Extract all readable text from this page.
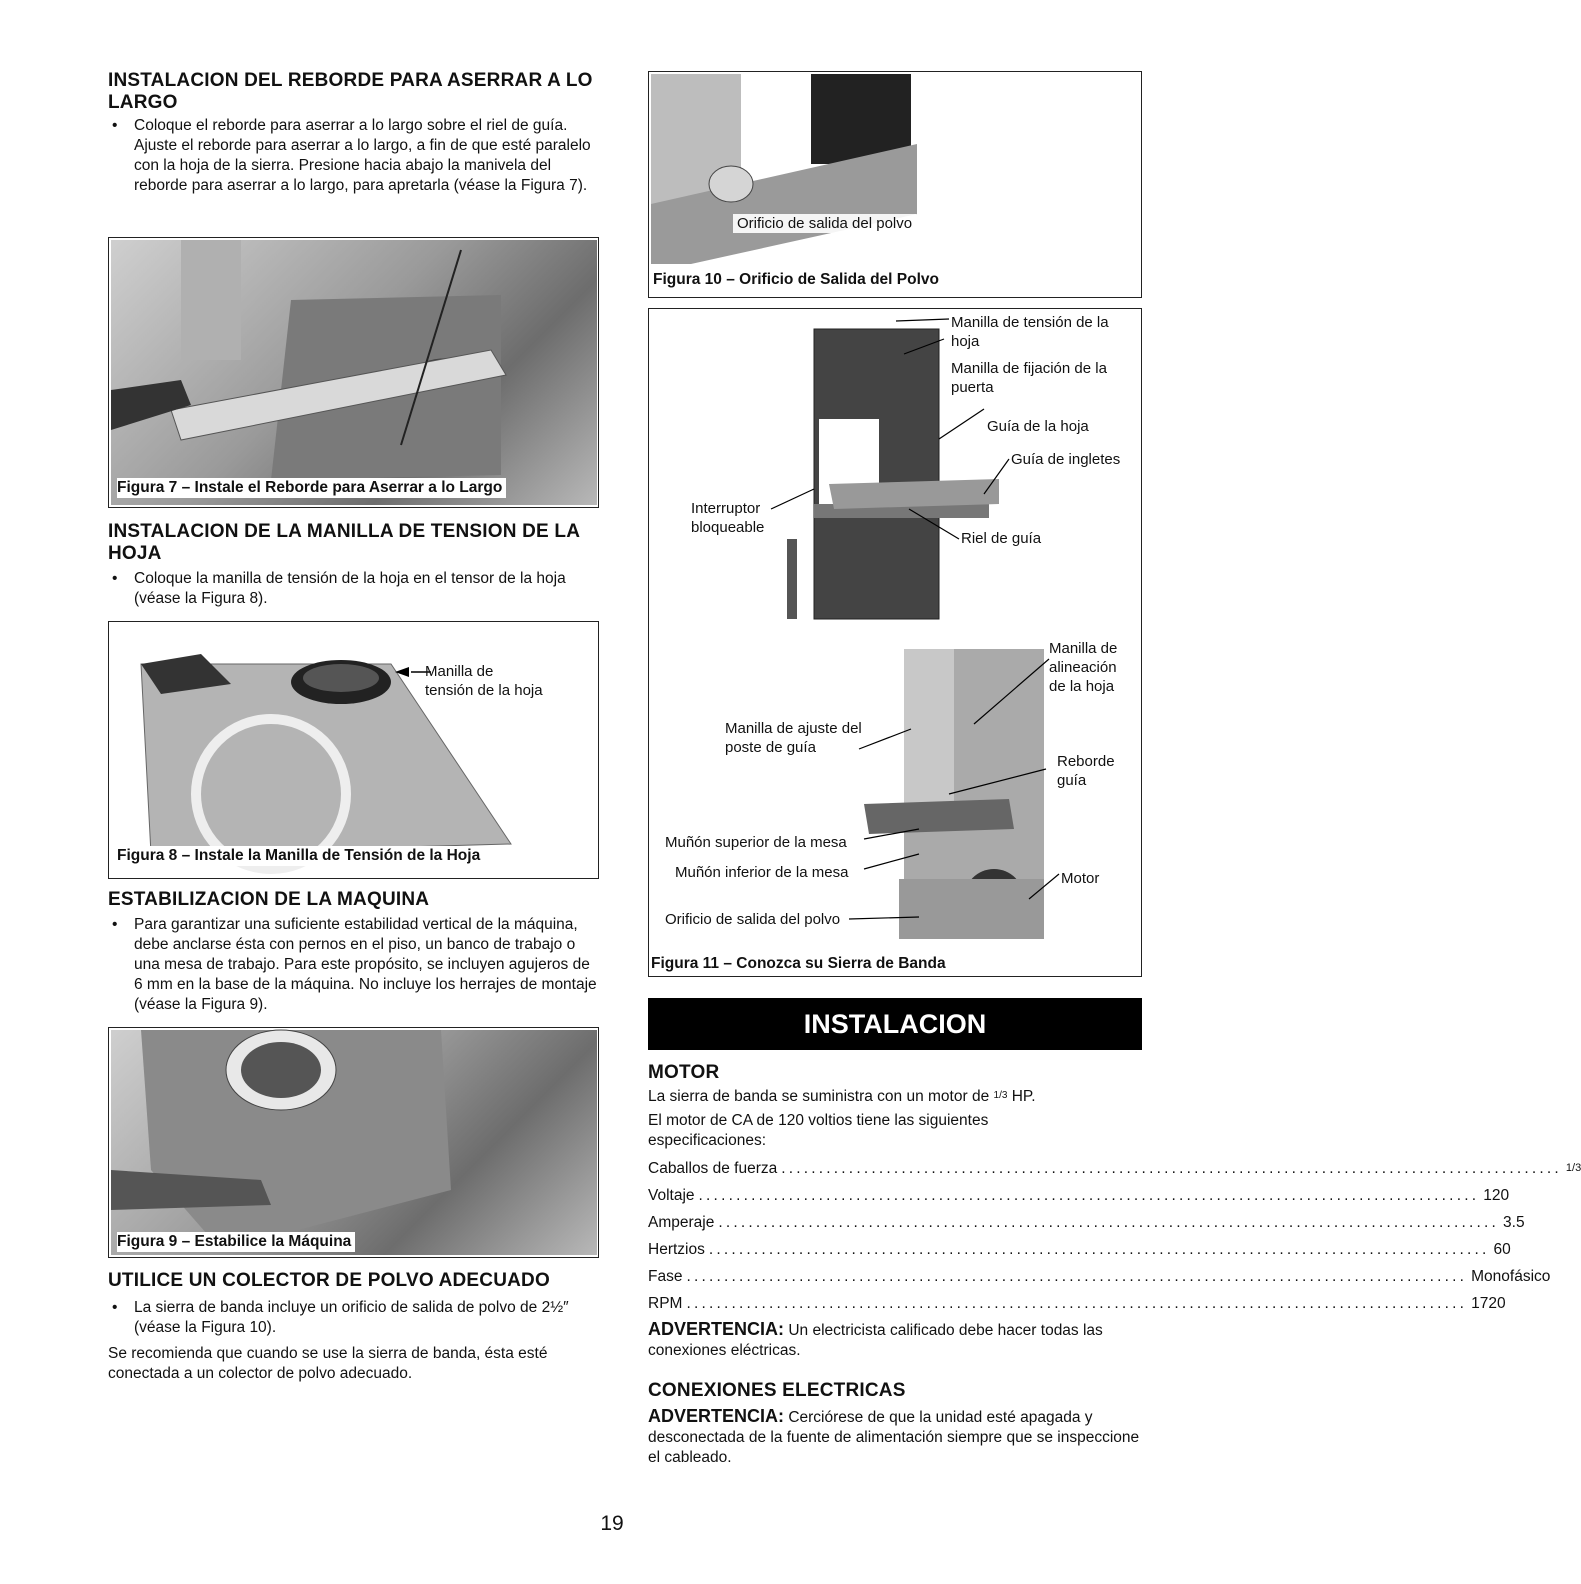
INSTALACION DEL REBORDE PARA ASERRAR A LO LARGO

• Coloque el reborde para aserrar a lo largo sobre el riel de guía. Ajuste el reborde para aserrar a lo largo, a fin de que esté paralelo con la hoja de la sierra. Presione hacia abajo la manivela del reborde para aserrar a lo largo, para apretarla (véase la Figura 7).

Figura 7 – Instale el Reborde para Aserrar a lo Largo
INSTALACION DE LA MANILLA DE TENSION DE LA HOJA

• Coloque la manilla de tensión de la hoja en el tensor de la hoja (véase la Figura 8).

Manilla de tensión de la hoja
Figura 8 – Instale la Manilla de Tensión de la Hoja
ESTABILIZACION DE LA MAQUINA

• Para garantizar una suficiente estabilidad vertical de la máquina, debe anclarse ésta con pernos en el piso, un banco de trabajo o una mesa de trabajo. Para este propósito, se incluyen agujeros de 6 mm en la base de la máquina. No incluye los herrajes de montaje (véase la Figura 9).

Figura 9 – Estabilice la Máquina
UTILICE UN COLECTOR DE POLVO ADECUADO

• La sierra de banda incluye un orificio de salida de polvo de 2½″ (véase la Figura 10).

Se recomienda que cuando se use la sierra de banda, ésta esté conectada a un colector de polvo adecuado.

Orificio de salida del polvo
Figura 10 – Orificio de Salida del Polvo
Manilla de tensión de la hoja
Manilla de fijación de la puerta
Guía de la hoja
Guía de ingletes
Interruptor bloqueable
Riel de guía
Manilla de alineación de la hoja
Manilla de ajuste del poste de guía
Reborde guía
Muñón superior de la mesa
Muñón inferior de la mesa	Motor
Orificio de salida del polvo
Figura 11 – Conozca su Sierra de Banda
INSTALACION
MOTOR

La sierra de banda se suministra con un motor de 1/3 HP.

El motor de CA de 120 voltios tiene las siguientes especificaciones:

Caballos de fuerza ........................................................................................................ 1/3
Voltaje ........................................................................................................ 120
Amperaje ........................................................................................................ 3.5
Hertzios ........................................................................................................ 60
Fase ........................................................................................................ Monofásico
RPM ........................................................................................................ 1720

ADVERTENCIA: Un electricista calificado debe hacer todas las conexiones eléctricas.

CONEXIONES ELECTRICAS

ADVERTENCIA: Cerciórese de que la unidad esté apagada y desconectada de la fuente de alimentación siempre que se inspeccione el cableado.

19
